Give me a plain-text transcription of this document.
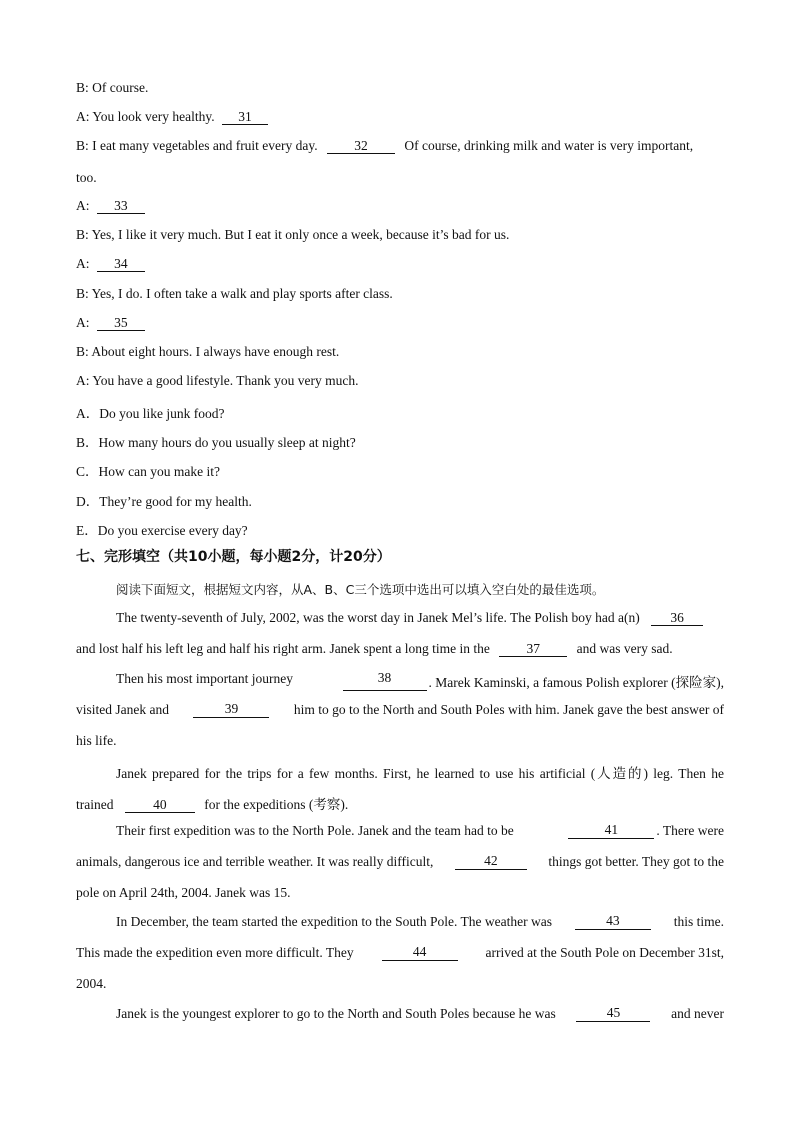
B: Of course.
A: You look very healthy. 31
B: I eat many vegetables and fruit every day.	32	Of course, drinking milk and water is very important,
too.
A: 33
B: Yes, I like it very much. But I eat it only once a week, because it’s bad for us.
A: 34
B: Yes, I do. I often take a walk and play sports after class.
A: 35
B: About eight hours. I always have enough rest.
A: You have a good lifestyle. Thank you very much.
A．Do you like junk food?
B．How many hours do you usually sleep at night?
C．How can you make it?
D．They’re good for my health.
E．Do you exercise every day?
七、完形填空（共10小题，每小题2分，计20分）
阅读下面短文，根据短文内容，从A、B、C三个选项中选出可以填入空白处的最佳选项。
The twenty-seventh of July, 2002, was the worst day in Janek Mel’s life. The Polish boy had a(n) 36
and lost half his left leg and half his right arm. Janek spent a long time in the	37	and was very sad.
Then his most important journey	38	. Marek Kaminski, a famous Polish explorer (探险家),
visited Janek and	39	him to go to the North and South Poles with him. Janek gave the best answer of
his life.
Janek prepared for the trips for a few months. First, he learned to use his artificial (人造的) leg. Then he
trained	40	for the expeditions (考察).
Their first expedition was to the North Pole. Janek and the team had to be	41	. There were
animals, dangerous ice and terrible weather. It was really difficult,	42	things got better. They got to the
pole on April 24th, 2004. Janek was 15.
In December, the team started the expedition to the South Pole. The weather was	43	this time.
This made the expedition even more difficult. They	44	arrived at the South Pole on December 31st,
2004.
Janek is the youngest explorer to go to the North and South Poles because he was	45	and never
